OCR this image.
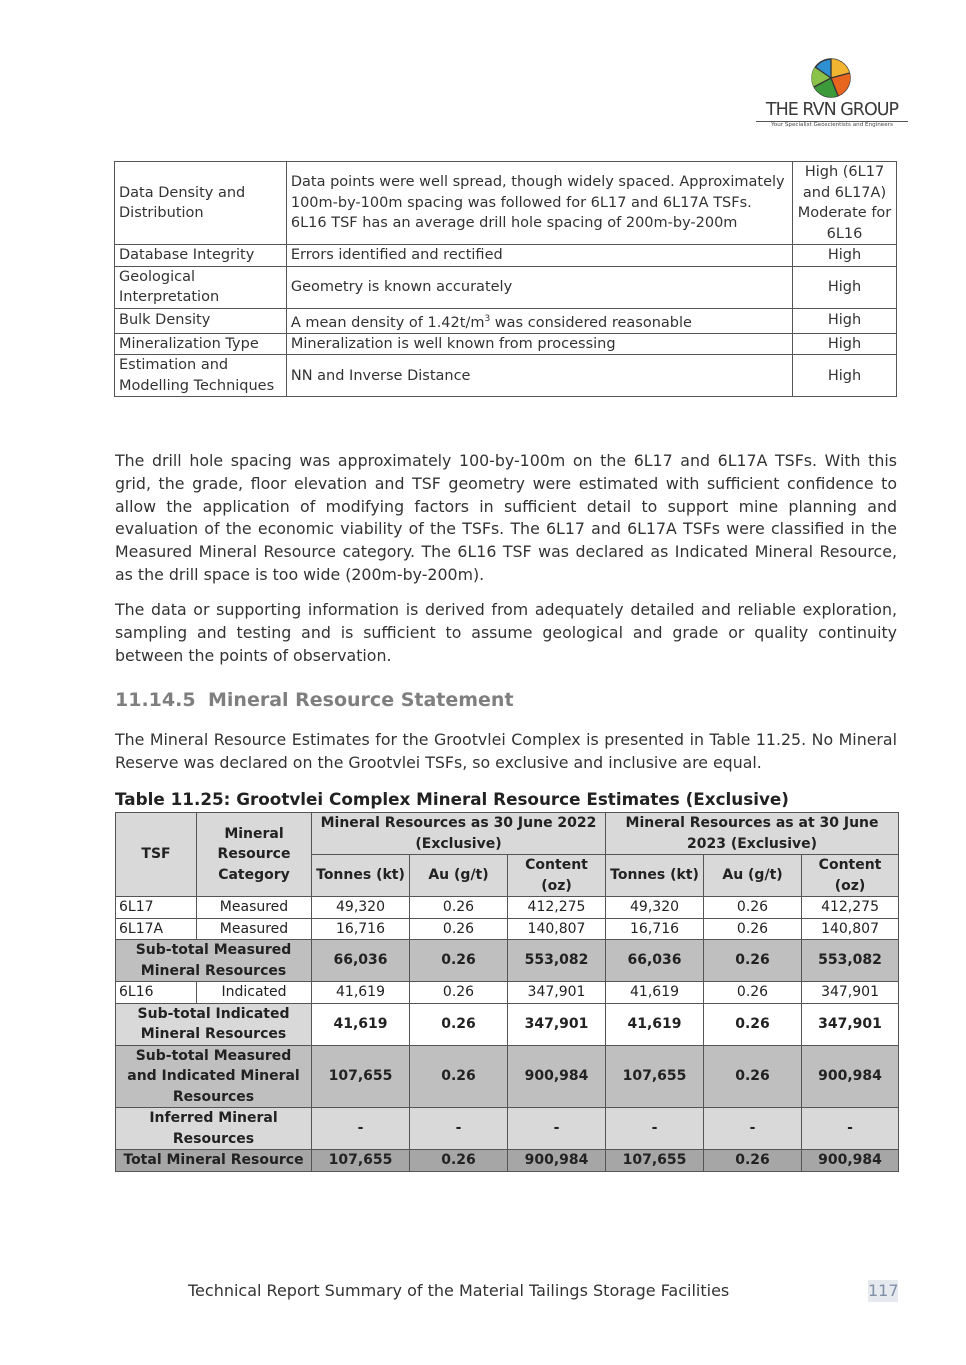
THE RVN GROUP
Your Specialist Geoscientists and Engineers
Data Density and Distribution	Data points were well spread, though widely spaced. Approximately 100m-by-100m spacing was followed for 6L17 and 6L17A TSFs. 6L16 TSF has an average drill hole spacing of 200m-by-200m	High (6L17 and 6L17A) Moderate for 6L16
Database Integrity	Errors identified and rectified	High
Geological Interpretation	Geometry is known accurately	High
Bulk Density	A mean density of $1.42t/m^3$ was considered reasonable	High
Mineralization Type	Mineralization is well known from processing	High
Estimation and Modelling Techniques	NN and Inverse Distance	High

The drill hole spacing was approximately 100-by-100m on the 6L17 and 6L17A TSFs. With this grid, the grade, floor elevation and TSF geometry were estimated with sufficient confidence to allow the application of modifying factors in sufficient detail to support mine planning and evaluation of the economic viability of the TSFs. The 6L17 and 6L17A TSFs were classified in the Measured Mineral Resource category. The 6L16 TSF was declared as Indicated Mineral Resource, as the drill space is too wide (200m-by-200m).

The data or supporting information is derived from adequately detailed and reliable exploration, sampling and testing and is sufficient to assume geological and grade or quality continuity between the points of observation.

11.14.5 Mineral Resource Statement

The Mineral Resource Estimates for the Grootvlei Complex is presented in Table 11.25. No Mineral Reserve was declared on the Grootvlei TSFs, so exclusive and inclusive are equal.

Table 11.25: Grootvlei Complex Mineral Resource Estimates (Exclusive)
TSF	Mineral Resource Category	Mineral Resources as 30 June 2022 (Exclusive)			Mineral Resources as at 30 June 2023 (Exclusive)		
		Tonnes (kt)	Au (g/t)	Content (oz)	Tonnes (kt)	Au (g/t)	Content (oz)
6L17	Measured	49,320	0.26	412,275	49,320	0.26	412,275
6L17A	Measured	16,716	0.26	140,807	16,716	0.26	140,807
Sub-total Measured Mineral Resources		66,036	0.26	553,082	66,036	0.26	553,082
6L16	Indicated	41,619	0.26	347,901	41,619	0.26	347,901
Sub-total Indicated Mineral Resources		41,619	0.26	347,901	41,619	0.26	347,901
Sub-total Measured and Indicated Mineral Resources		107,655	0.26	900,984	107,655	0.26	900,984
Inferred Mineral Resources		-	-	-	-	-	-
Total Mineral Resource		107,655	0.26	900,984	107,655	0.26	900,984
Technical Report Summary of the Material Tailings Storage Facilities	117
